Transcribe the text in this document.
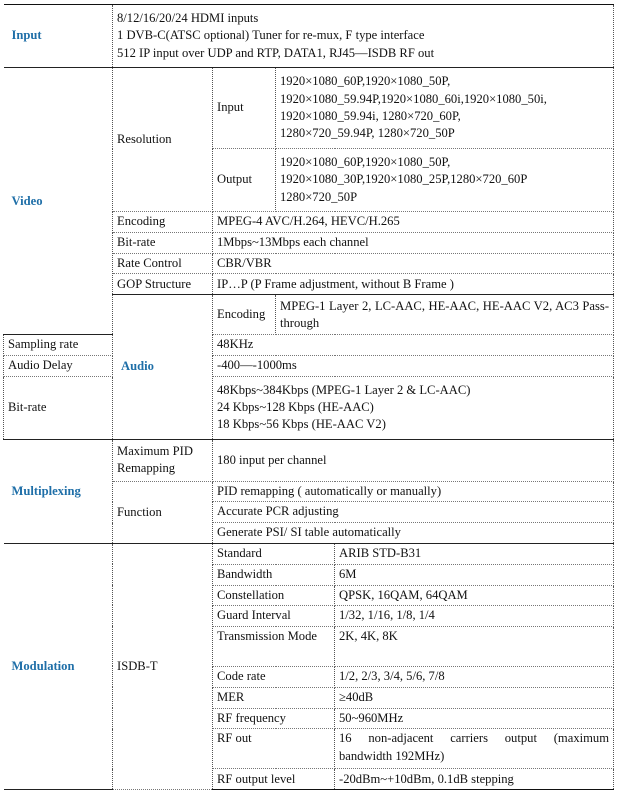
Input	8/12/16/20/24 HDMI inputs
1 DVB-C(ATSC optional) Tuner for re-mux, F type interface
512 IP input over UDP and RTP, DATA1, RJ45—ISDB RF out			

Video	Resolution	Input	1920×1080_60P,1920×1080_50P,
1920×1080_59.94P,1920×1080_60i,1920×1080_50i,
1920×1080_59.94i, 1280×720_60P,
1280×720_59.94P, 1280×720_50P	

		Output	1920×1080_60P,1920×1080_50P,
1920×1080_30P,1920×1080_25P,1280×720_60P
1280×720_50P	

	Encoding	MPEG-4 AVC/H.264, HEVC/H.265		
	Bit-rate	1Mbps~13Mbps each channel		
	Rate Control	CBR/VBR		
	GOP Structure	IP…P (P Frame adjustment, without B Frame )		
	Audio	Encoding	MPEG-1 Layer 2, LC-AAC, HE-AAC, HE-AAC V2, AC3 Pass-through	
Sampling rate		48KHz		
Audio Delay		-400—-1000ms		
Bit-rate		48Kbps~384Kbps (MPEG-1 Layer 2 & LC-AAC)
24 Kbps~128 Kbps (HE-AAC)
18 Kbps~56 Kbps (HE-AAC V2)		

Multiplexing	Maximum PID
Remapping	180 input per channel		
	Function	PID remapping ( automatically or manually)		
		Accurate PCR adjusting		
		Generate PSI/ SI table automatically		
Modulation	ISDB-T	Standard		ARIB STD-B31
		Bandwidth		6M
		Constellation		QPSK, 16QAM, 64QAM
		Guard Interval		1/32, 1/16, 1/8, 1/4
		Transmission Mode		2K, 4K, 8K
		Code rate		1/2, 2/3, 3/4, 5/6, 7/8
		MER		≥40dB
		RF frequency		50~960MHz
		RF out		16 non-adjacent carriers output (maximum bandwidth 192MHz)
		RF output level		-20dBm~+10dBm, 0.1dB stepping
